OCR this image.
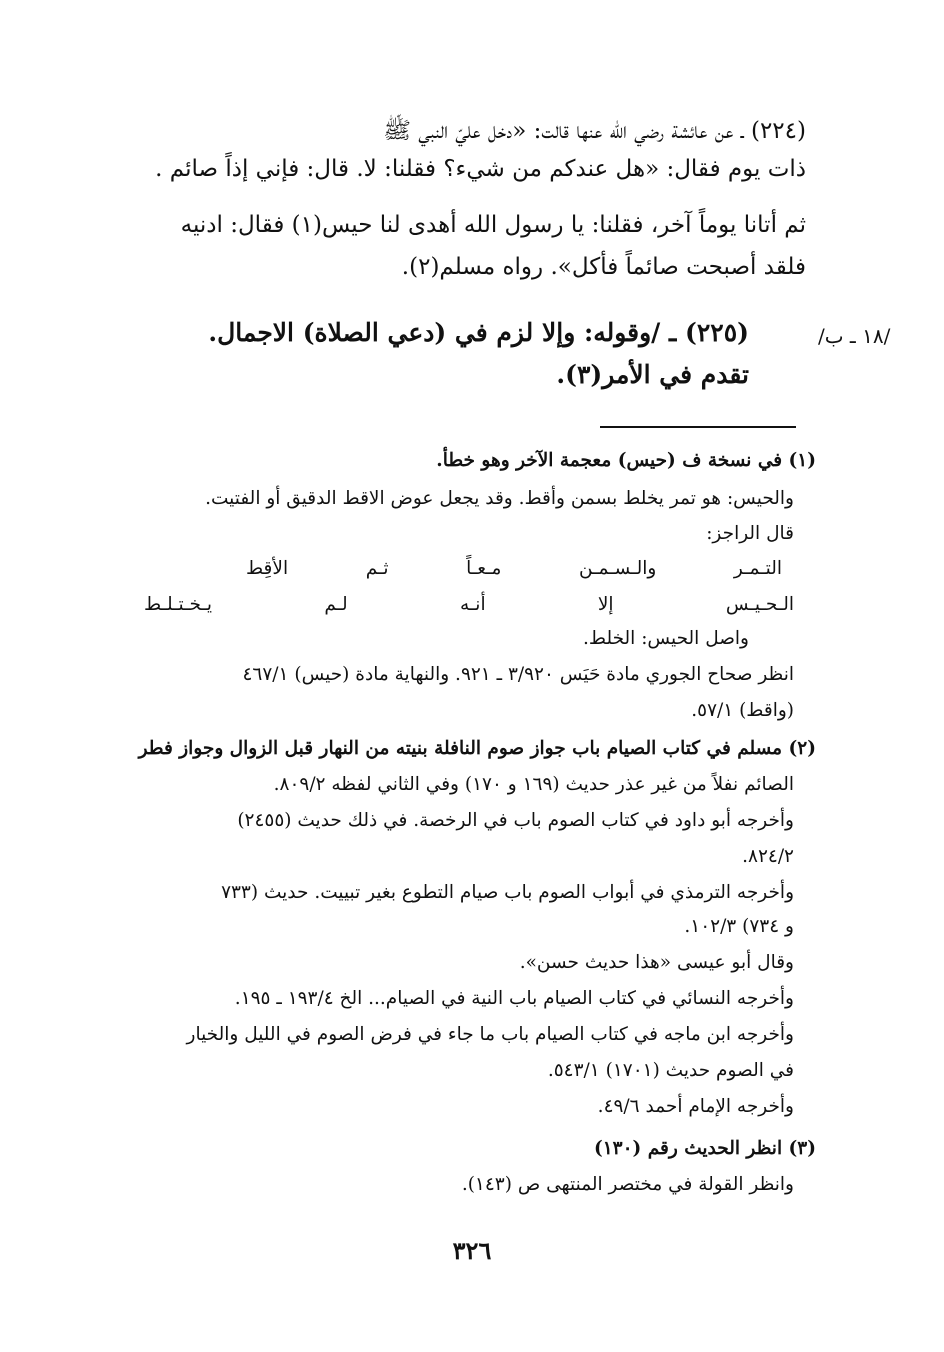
(٢٢٤) ـ عن عائشة رضي الله عنها قالت: «دخل عليّ النبي ﷺ
ذات يوم فقال: «هل عندكم من شيء؟ فقلنا: لا. قال: فإني إذاً صائم .
ثم أتانا يوماً آخر، فقلنا: يا رسول الله أهدى لنا حيس(١) فقال: ادنيه
فلقد أصبحت صائماً فأكل». رواه مسلم(٢).
/١٨ ـ ب/
(٢٢٥) ـ /وقوله: وإلا لزم في (دعي الصلاة) الاجمال.
تقدم في الأمر(٣).
(١) في نسخة ف (حيس) معجمة الآخر وهو خطأ.
والحيس: هو تمر يخلط بسمن وأقط. وقد يجعل عوض الاقط الدقيق أو الفتيت.
قال الراجز:
التـمـر
والـسـمـن
مـعـاً
ثـم
الأقِط
الـحـيـس
إلا
أنـه
لـم
يـخـتـلـط
واصل الحيس: الخلط.
انظر صحاح الجوري مادة حَيَس ٣/٩٢٠ ـ ٩٢١. والنهاية مادة (حيس) ٤٦٧/١
(واقط) ٥٧/١.
(٢) مسلم في كتاب الصيام باب جواز صوم النافلة بنيته من النهار قبل الزوال وجواز فطر
الصائم نفلاً من غير عذر حديث (١٦٩ و ١٧٠) وفي الثاني لفظه ٨٠٩/٢.
وأخرجه أبو داود في كتاب الصوم باب في الرخصة. في ذلك حديث (٢٤٥٥)
٨٢٤/٢.
وأخرجه الترمذي في أبواب الصوم باب صيام التطوع بغير تبييت. حديث (٧٣٣
و ٧٣٤) ١٠٢/٣.
وقال أبو عيسى «هذا حديث حسن».
وأخرجه النسائي في كتاب الصيام باب النية في الصيام... الخ ١٩٣/٤ ـ ١٩٥.
وأخرجه ابن ماجه في كتاب الصيام باب ما جاء في فرض الصوم في الليل والخيار
في الصوم حديث (١٧٠١) ٥٤٣/١.
وأخرجه الإمام أحمد ٤٩/٦.
(٣) انظر الحديث رقم (١٣٠)
وانظر القولة في مختصر المنتهى ص (١٤٣).
٣٢٦
